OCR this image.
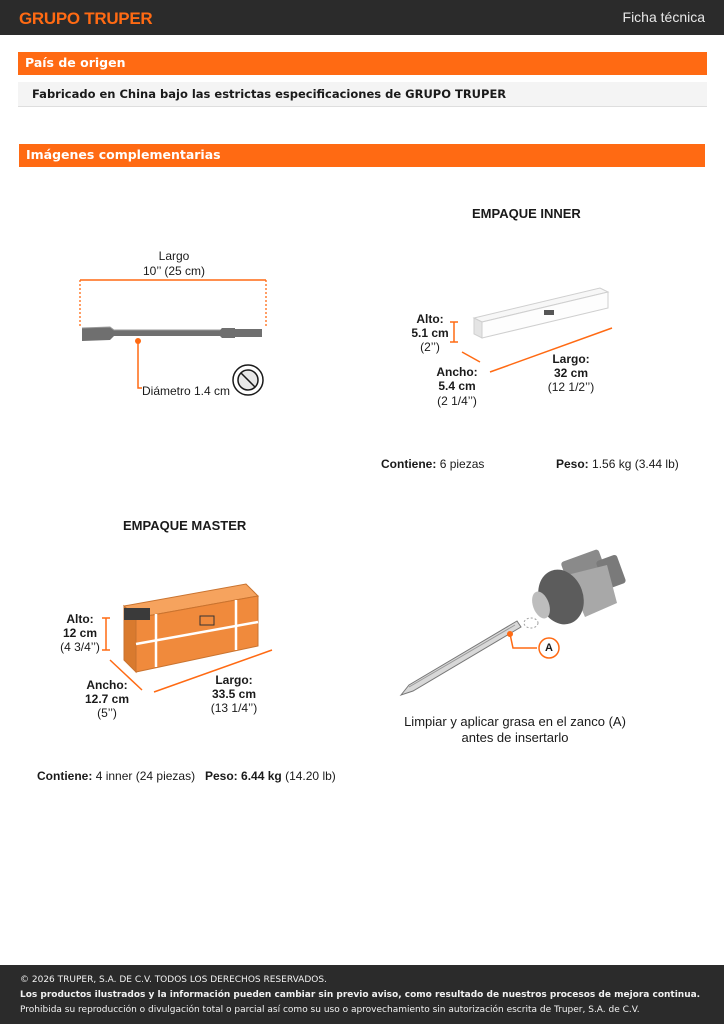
GRUPO TRUPER	Ficha técnica
País de origen
Fabricado en China bajo las estrictas especificaciones de GRUPO TRUPER
Imágenes complementarias
Largo
10’’ (25 cm)
Diámetro 1.4 cm
EMPAQUE INNER
Alto:
5.1 cm
(2’’)
Ancho:
5.4 cm
(2 1/4’’)
Largo:
32 cm
(12 1/2’’)
Contiene: 6 piezas	Peso: 1.56 kg (3.44 lb)
EMPAQUE MASTER
Alto:
12 cm
(4 3/4’’)
Ancho:
12.7 cm
(5’’)
Largo:
33.5 cm
(13 1/4’’)
Contiene: 4 inner (24 piezas) Peso: 6.44 kg (14.20 lb)
A
Limpiar y aplicar grasa en el zanco (A)
antes de insertarlo
© 2026 TRUPER, S.A. DE C.V. TODOS LOS DERECHOS RESERVADOS.
Los productos ilustrados y la información pueden cambiar sin previo aviso, como resultado de nuestros procesos de mejora continua.
Prohibida su reproducción o divulgación total o parcial así como su uso o aprovechamiento sin autorización escrita de Truper, S.A. de C.V.
